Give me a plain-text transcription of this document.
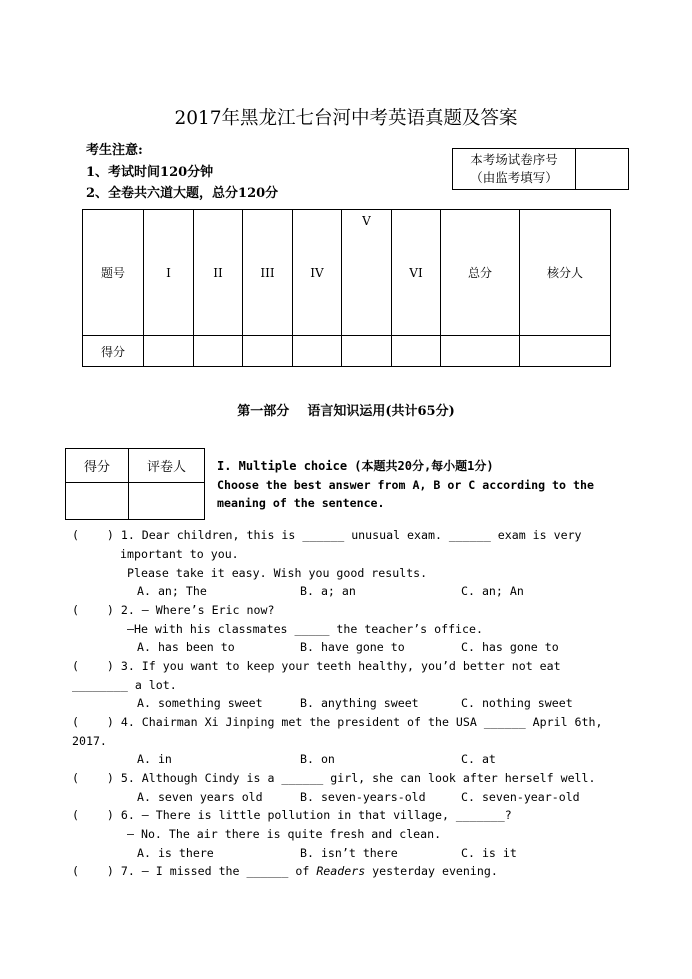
2017年黑龙江七台河中考英语真题及答案
考生注意:
1、考试时间120分钟
2、全卷共六道大题，总分120分
本考场试卷序号
（由监考填写）
题号	I	II	III	IV	V	VI	总分	核分人
得分								
第一部分    语言知识运用(共计65分)
得分	评卷人
		I. Multiple choice (本题共20分,每小题1分)
Choose the best answer from A, B or C according to the
meaning of the sentence.
(    ) 1. Dear children, this is ______ unusual exam. ______ exam is very
important to you.
Please take it easy. Wish you good results.
A. an; The	B. a; an	C. an; An
(    ) 2. — Where’s Eric now?
—He with his classmates _____ the teacher’s office.
A. has been to	B. have gone to	C. has gone to
(    ) 3. If you want to keep your teeth healthy, you’d better not eat
________ a lot.
A. something sweet	B. anything sweet	C. nothing sweet
(    ) 4. Chairman Xi Jinping met the president of the USA ______ April 6th,
2017.
A. in	B. on	C. at
(    ) 5. Although Cindy is a ______ girl, she can look after herself well.
A. seven years old	B. seven-years-old	C. seven-year-old
(    ) 6. — There is little pollution in that village, _______?
— No. The air there is quite fresh and clean.
A. is there	B. isn’t there	C. is it
(    ) 7. — I missed the ______ of Readers yesterday evening.
